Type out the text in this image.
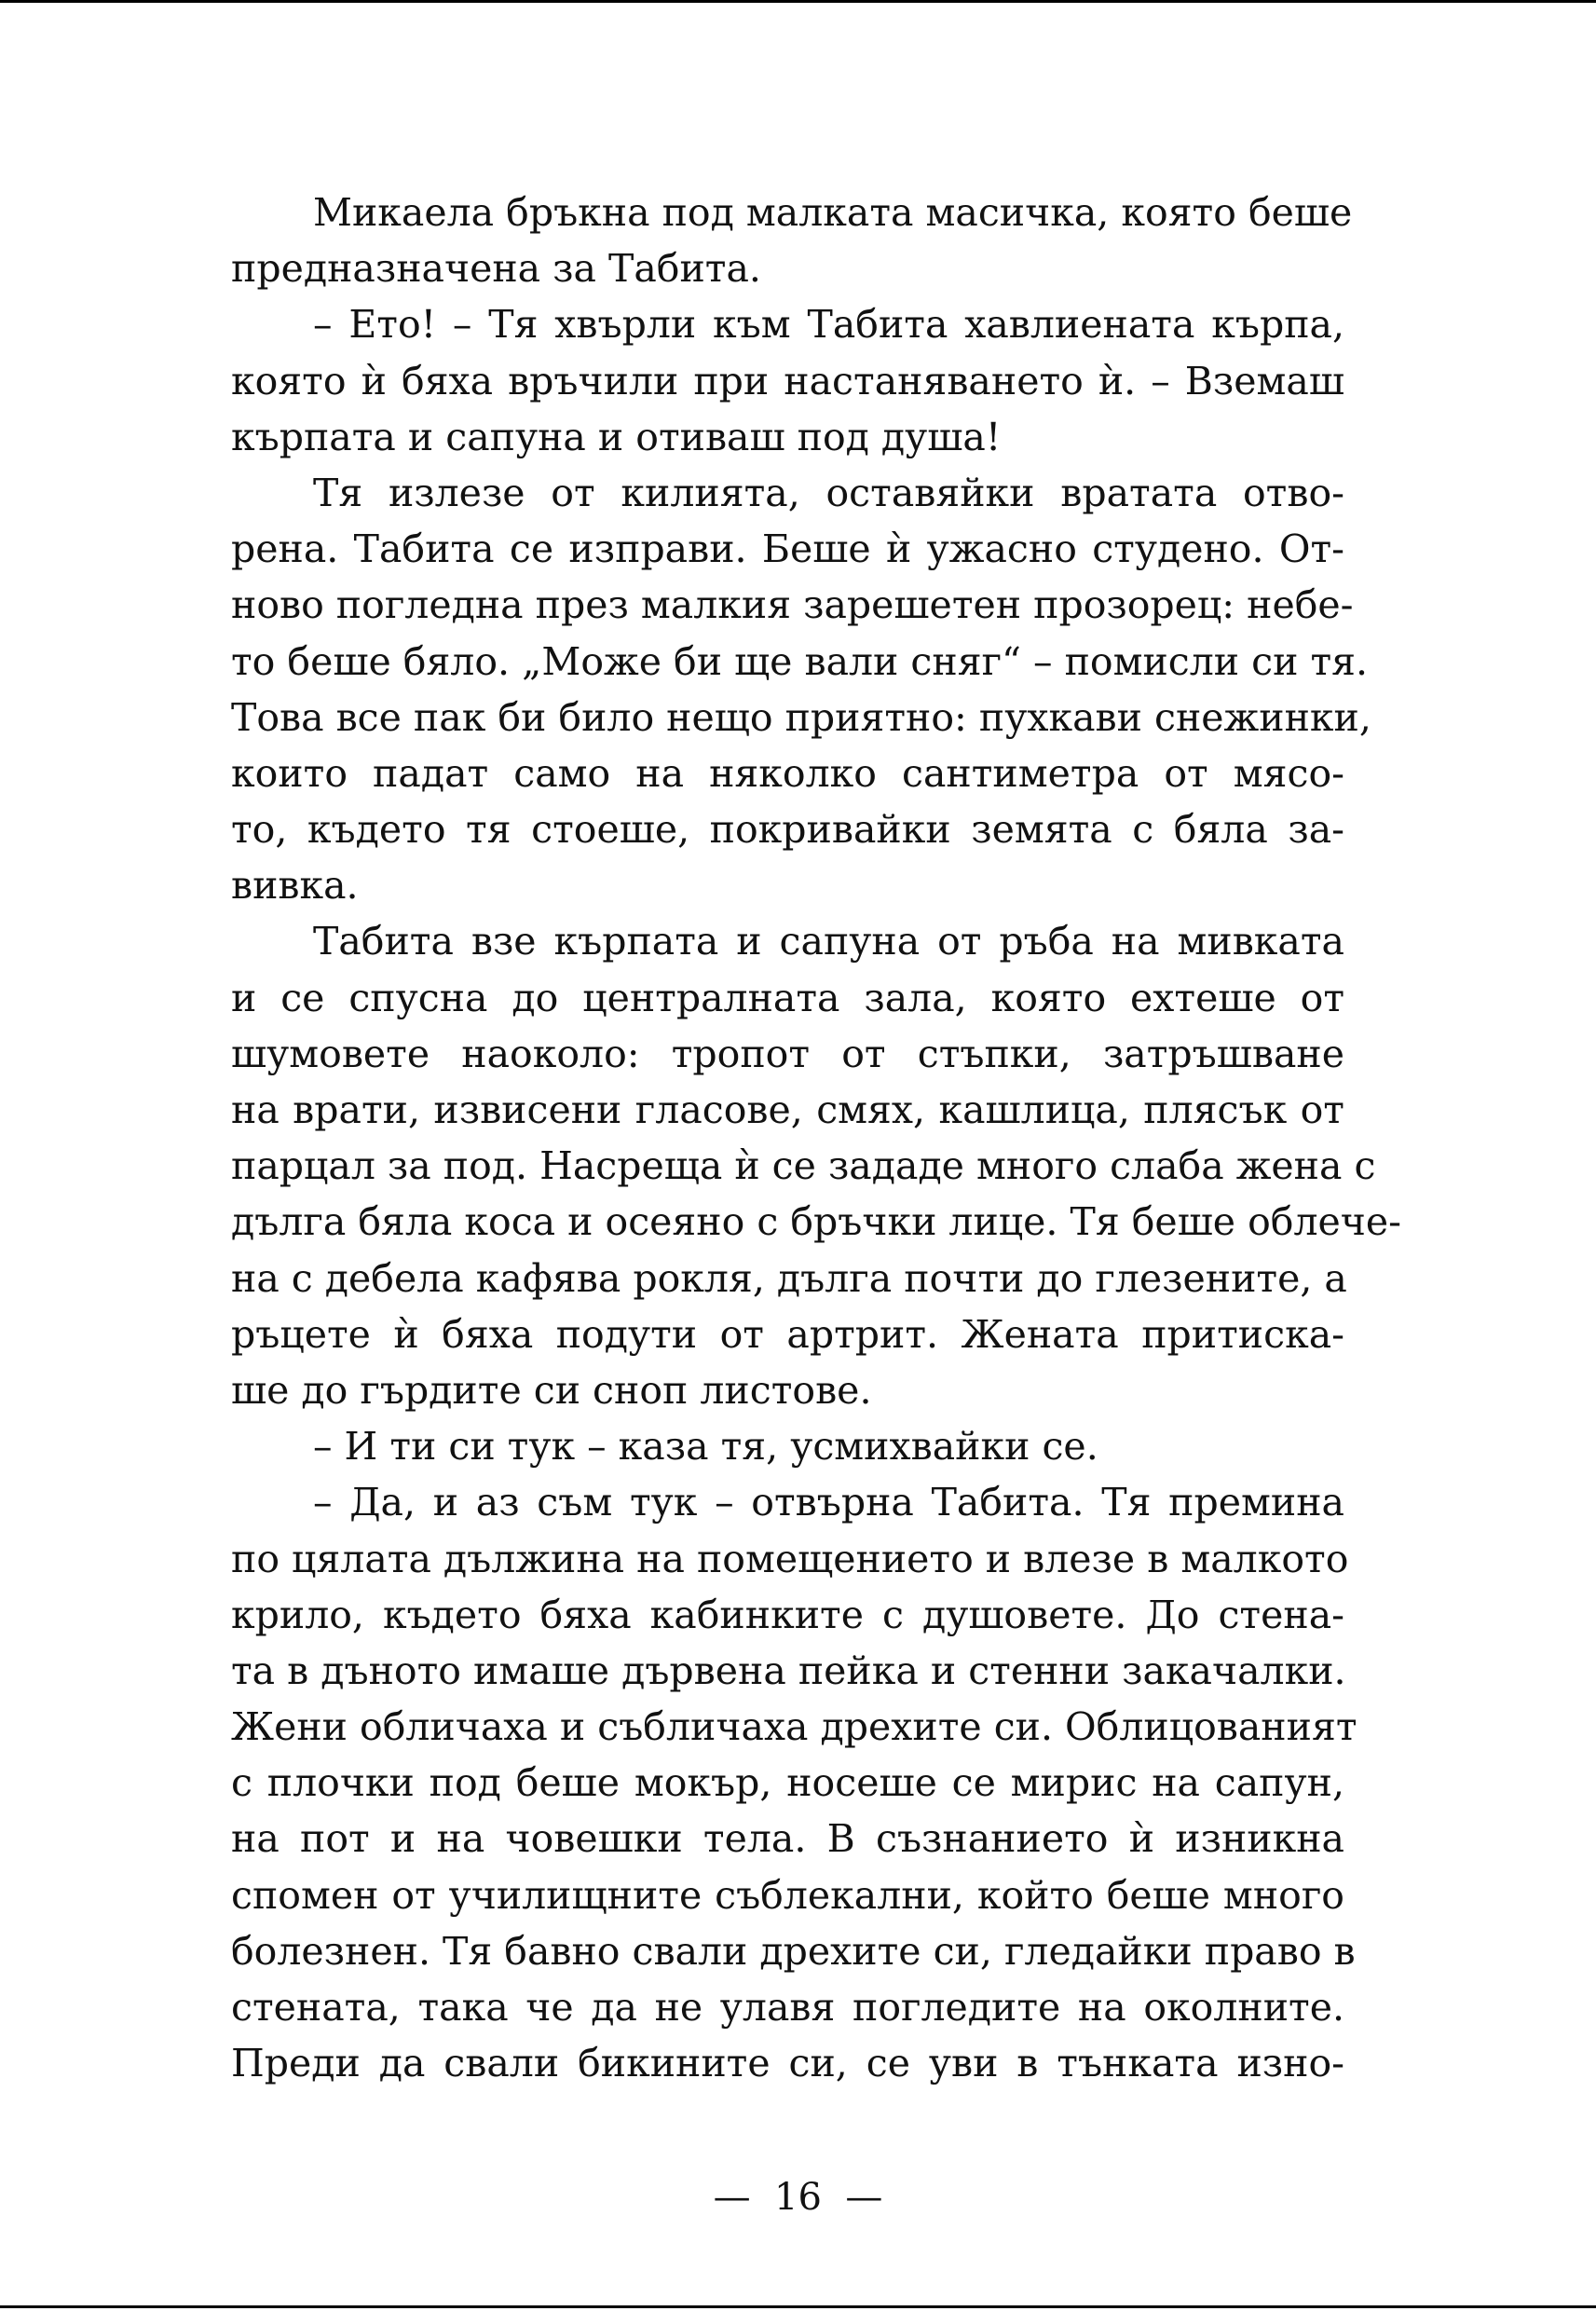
Микаела бръкна под малката масичка, която беше
предназначена за Табита.
– Ето! – Тя хвърли към Табита хавлиената кърпа,
която ѝ бяха връчили при настаняването ѝ. – Вземаш
кърпата и сапуна и отиваш под душа!
Тя излезе от килията, оставяйки вратата отво-
рена. Табита се изправи. Беше ѝ ужасно студено. От-
ново погледна през малкия зарешетен прозорец: небе-
то беше бяло. „Може би ще вали сняг“ – помисли си тя.
Това все пак би било нещо приятно: пухкави снежинки,
които падат само на няколко сантиметра от мясо-
то, където тя стоеше, покривайки земята с бяла за-
вивка.
Табита взе кърпата и сапуна от ръба на мивката
и се спусна до централната зала, която ехтеше от
шумовете наоколо: тропот от стъпки, затръшване
на врати, извисени гласове, смях, кашлица, плясък от
парцал за под. Насреща ѝ се зададе много слаба жена с
дълга бяла коса и осеяно с бръчки лице. Тя беше облече-
на с дебела кафява рокля, дълга почти до глезените, а
ръцете ѝ бяха подути от артрит. Жената притиска-
ше до гърдите си сноп листове.
– И ти си тук – каза тя, усмихвайки се.
– Да, и аз съм тук – отвърна Табита. Тя премина
по цялата дължина на помещението и влезе в малкото
крило, където бяха кабинките с душовете. До стена-
та в дъното имаше дървена пейка и стенни закачалки.
Жени обличаха и събличаха дрехите си. Облицованият
с плочки под беше мокър, носеше се мирис на сапун,
на пот и на човешки тела. В съзнанието ѝ изникна
спомен от училищните съблекални, който беше много
болезнен. Тя бавно свали дрехите си, гледайки право в
стената, така че да не улавя погледите на околните.
Преди да свали бикините си, се уви в тънката изно-
—  16  —
